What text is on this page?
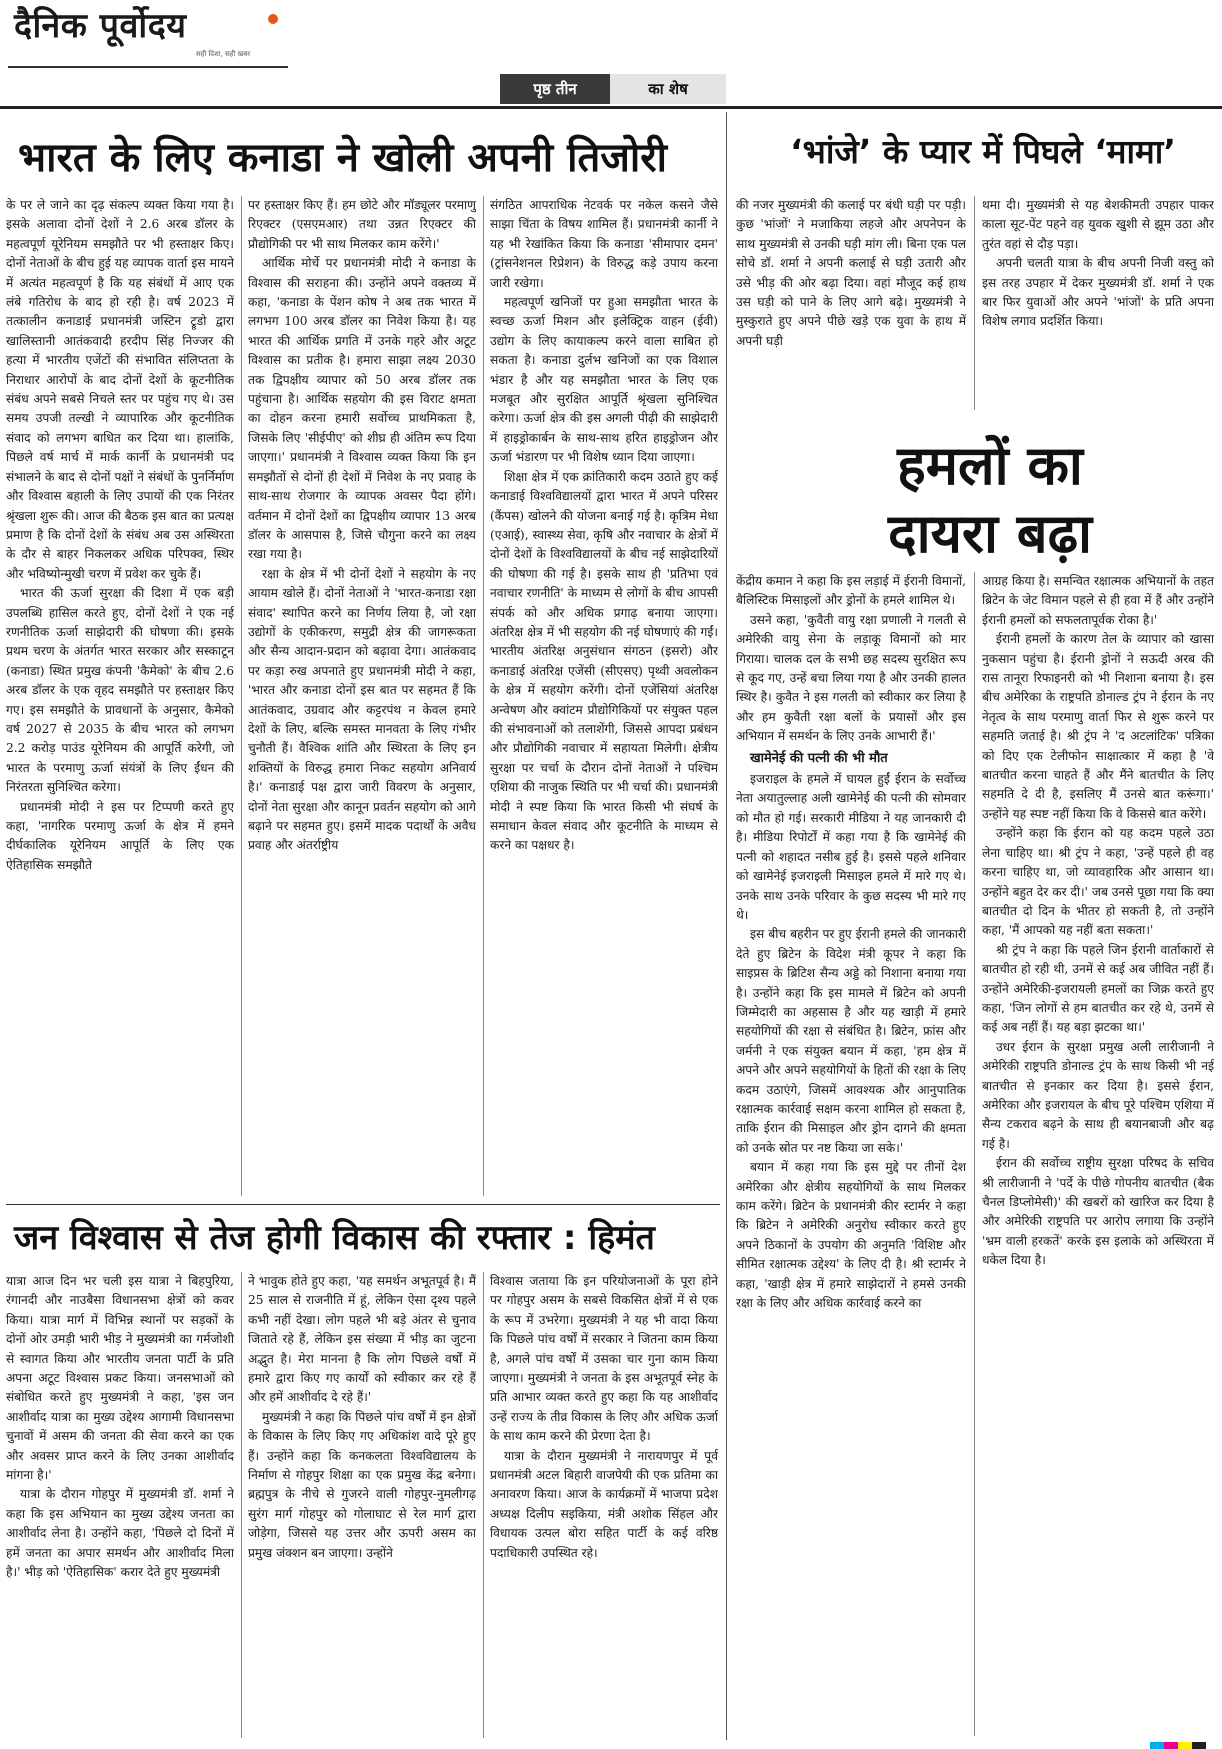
दैनिक पूर्वोदय
सही दिशा, सही खबर
पृष्ठ तीन	का शेष
भारत के लिए कनाडा ने खोली अपनी तिजोरी

के पर ले जाने का दृढ़ संकल्प व्यक्त किया गया है। इसके अलावा दोनों देशों ने 2.6 अरब डॉलर के महत्वपूर्ण यूरेनियम समझौते पर भी हस्ताक्षर किए। दोनों नेताओं के बीच हुई यह व्यापक वार्ता इस मायने में अत्यंत महत्वपूर्ण है कि यह संबंधों में आए एक लंबे गतिरोध के बाद हो रही है। वर्ष 2023 में तत्कालीन कनाडाई प्रधानमंत्री जस्टिन ट्रूडो द्वारा खालिस्तानी आतंकवादी हरदीप सिंह निज्जर की हत्या में भारतीय एजेंटों की संभावित संलिप्तता के निराधार आरोपों के बाद दोनों देशों के कूटनीतिक संबंध अपने सबसे निचले स्तर पर पहुंच गए थे। उस समय उपजी तल्खी ने व्यापारिक और कूटनीतिक संवाद को लगभग बाधित कर दिया था। हालांकि, पिछले वर्ष मार्च में मार्क कार्नी के प्रधानमंत्री पद संभालने के बाद से दोनों पक्षों ने संबंधों के पुनर्निर्माण और विश्वास बहाली के लिए उपायों की एक निरंतर श्रृंखला शुरू की। आज की बैठक इस बात का प्रत्यक्ष प्रमाण है कि दोनों देशों के संबंध अब उस अस्थिरता के दौर से बाहर निकलकर अधिक परिपक्व, स्थिर और भविष्योन्मुखी चरण में प्रवेश कर चुके हैं।

भारत की ऊर्जा सुरक्षा की दिशा में एक बड़ी उपलब्धि हासिल करते हुए, दोनों देशों ने एक नई रणनीतिक ऊर्जा साझेदारी की घोषणा की। इसके प्रथम चरण के अंतर्गत भारत सरकार और सस्काटून (कनाडा) स्थित प्रमुख कंपनी 'कैमेको' के बीच 2.6 अरब डॉलर के एक वृहद समझौते पर हस्ताक्षर किए गए। इस समझौते के प्रावधानों के अनुसार, कैमेको वर्ष 2027 से 2035 के बीच भारत को लगभग 2.2 करोड़ पाउंड यूरेनियम की आपूर्ति करेगी, जो भारत के परमाणु ऊर्जा संयंत्रों के लिए ईंधन की निरंतरता सुनिश्चित करेगा।

प्रधानमंत्री मोदी ने इस पर टिप्पणी करते हुए कहा, 'नागरिक परमाणु ऊर्जा के क्षेत्र में हमने दीर्घकालिक यूरेनियम आपूर्ति के लिए एक ऐतिहासिक समझौते

पर हस्ताक्षर किए हैं। हम छोटे और मॉड्यूलर परमाणु रिएक्टर (एसएमआर) तथा उन्नत रिएक्टर की प्रौद्योगिकी पर भी साथ मिलकर काम करेंगे।'

आर्थिक मोर्चे पर प्रधानमंत्री मोदी ने कनाडा के विश्वास की सराहना की। उन्होंने अपने वक्तव्य में कहा, 'कनाडा के पेंशन कोष ने अब तक भारत में लगभग 100 अरब डॉलर का निवेश किया है। यह भारत की आर्थिक प्रगति में उनके गहरे और अटूट विश्वास का प्रतीक है। हमारा साझा लक्ष्य 2030 तक द्विपक्षीय व्यापार को 50 अरब डॉलर तक पहुंचाना है। आर्थिक सहयोग की इस विराट क्षमता का दोहन करना हमारी सर्वोच्च प्राथमिकता है, जिसके लिए 'सीईपीए' को शीघ्र ही अंतिम रूप दिया जाएगा।' प्रधानमंत्री ने विश्वास व्यक्त किया कि इन समझौतों से दोनों ही देशों में निवेश के नए प्रवाह के साथ-साथ रोजगार के व्यापक अवसर पैदा होंगे। वर्तमान में दोनों देशों का द्विपक्षीय व्यापार 13 अरब डॉलर के आसपास है, जिसे चौगुना करने का लक्ष्य रखा गया है।

रक्षा के क्षेत्र में भी दोनों देशों ने सहयोग के नए आयाम खोले हैं। दोनों नेताओं ने 'भारत-कनाडा रक्षा संवाद' स्थापित करने का निर्णय लिया है, जो रक्षा उद्योगों के एकीकरण, समुद्री क्षेत्र की जागरूकता और सैन्य आदान-प्रदान को बढ़ावा देगा। आतंकवाद पर कड़ा रुख अपनाते हुए प्रधानमंत्री मोदी ने कहा, 'भारत और कनाडा दोनों इस बात पर सहमत हैं कि आतंकवाद, उग्रवाद और कट्टरपंथ न केवल हमारे देशों के लिए, बल्कि समस्त मानवता के लिए गंभीर चुनौती हैं। वैश्विक शांति और स्थिरता के लिए इन शक्तियों के विरुद्ध हमारा निकट सहयोग अनिवार्य है।' कनाडाई पक्ष द्वारा जारी विवरण के अनुसार, दोनों नेता सुरक्षा और कानून प्रवर्तन सहयोग को आगे बढ़ाने पर सहमत हुए। इसमें मादक पदार्थों के अवैध प्रवाह और अंतर्राष्ट्रीय

संगठित आपराधिक नेटवर्क पर नकेल कसने जैसे साझा चिंता के विषय शामिल हैं। प्रधानमंत्री कार्नी ने यह भी रेखांकित किया कि कनाडा 'सीमापार दमन' (ट्रांसनेशनल रिप्रेशन) के विरुद्ध कड़े उपाय करना जारी रखेगा।

महत्वपूर्ण खनिजों पर हुआ समझौता भारत के स्वच्छ ऊर्जा मिशन और इलेक्ट्रिक वाहन (ईवी) उद्योग के लिए कायाकल्प करने वाला साबित हो सकता है। कनाडा दुर्लभ खनिजों का एक विशाल भंडार है और यह समझौता भारत के लिए एक मजबूत और सुरक्षित आपूर्ति श्रृंखला सुनिश्चित करेगा। ऊर्जा क्षेत्र की इस अगली पीढ़ी की साझेदारी में हाइड्रोकार्बन के साथ-साथ हरित हाइड्रोजन और ऊर्जा भंडारण पर भी विशेष ध्यान दिया जाएगा।

शिक्षा क्षेत्र में एक क्रांतिकारी कदम उठाते हुए कई कनाडाई विश्वविद्यालयों द्वारा भारत में अपने परिसर (कैंपस) खोलने की योजना बनाई गई है। कृत्रिम मेधा (एआई), स्वास्थ्य सेवा, कृषि और नवाचार के क्षेत्रों में दोनों देशों के विश्वविद्यालयों के बीच नई साझेदारियों की घोषणा की गई है। इसके साथ ही 'प्रतिभा एवं नवाचार रणनीति' के माध्यम से लोगों के बीच आपसी संपर्क को और अधिक प्रगाढ़ बनाया जाएगा। अंतरिक्ष क्षेत्र में भी सहयोग की नई घोषणाएं की गईं। भारतीय अंतरिक्ष अनुसंधान संगठन (इसरो) और कनाडाई अंतरिक्ष एजेंसी (सीएसए) पृथ्वी अवलोकन के क्षेत्र में सहयोग करेंगी। दोनों एजेंसियां अंतरिक्ष अन्वेषण और क्वांटम प्रौद्योगिकियों पर संयुक्त पहल की संभावनाओं को तलाशेंगी, जिससे आपदा प्रबंधन और प्रौद्योगिकी नवाचार में सहायता मिलेगी। क्षेत्रीय सुरक्षा पर चर्चा के दौरान दोनों नेताओं ने पश्चिम एशिया की नाजुक स्थिति पर भी चर्चा की। प्रधानमंत्री मोदी ने स्पष्ट किया कि भारत किसी भी संघर्ष के समाधान केवल संवाद और कूटनीति के माध्यम से करने का पक्षधर है।

‘भांजे’ के प्यार में पिघले ‘मामा’

की नजर मुख्यमंत्री की कलाई पर बंधी घड़ी पर पड़ी। कुछ 'भांजों' ने मजाकिया लहजे और अपनेपन के साथ मुख्यमंत्री से उनकी घड़ी मांग ली। बिना एक पल सोचे डॉ. शर्मा ने अपनी कलाई से घड़ी उतारी और उसे भीड़ की ओर बढ़ा दिया। वहां मौजूद कई हाथ उस घड़ी को पाने के लिए आगे बढ़े। मुख्यमंत्री ने मुस्कुराते हुए अपने पीछे खड़े एक युवा के हाथ में अपनी घड़ी

थमा दी। मुख्यमंत्री से यह बेशकीमती उपहार पाकर काला सूट-पेंट पहने वह युवक खुशी से झूम उठा और तुरंत वहां से दौड़ पड़ा।

अपनी चलती यात्रा के बीच अपनी निजी वस्तु को इस तरह उपहार में देकर मुख्यमंत्री डॉ. शर्मा ने एक बार फिर युवाओं और अपने 'भांजों' के प्रति अपना विशेष लगाव प्रदर्शित किया।

हमलों का
दायरा बढ़ा

केंद्रीय कमान ने कहा कि इस लड़ाई में ईरानी विमानों, बैलिस्टिक मिसाइलों और ड्रोनों के हमले शामिल थे।

उसने कहा, 'कुवैती वायु रक्षा प्रणाली ने गलती से अमेरिकी वायु सेना के लड़ाकू विमानों को मार गिराया। चालक दल के सभी छह सदस्य सुरक्षित रूप से कूद गए, उन्हें बचा लिया गया है और उनकी हालत स्थिर है। कुवैत ने इस गलती को स्वीकार कर लिया है और हम कुवैती रक्षा बलों के प्रयासों और इस अभियान में समर्थन के लिए उनके आभारी हैं।'

खामेनेई की पत्नी की भी मौत

इजराइल के हमले में घायल हुईं ईरान के सर्वोच्च नेता अयातुल्लाह अली खामेनेई की पत्नी की सोमवार को मौत हो गई। सरकारी मीडिया ने यह जानकारी दी है। मीडिया रिपोर्टों में कहा गया है कि खामेनेई की पत्नी को शहादत नसीब हुई है। इससे पहले शनिवार को खामेनेई इजराइली मिसाइल हमले में मारे गए थे। उनके साथ उनके परिवार के कुछ सदस्य भी मारे गए थे।

इस बीच बहरीन पर हुए ईरानी हमले की जानकारी देते हुए ब्रिटेन के विदेश मंत्री कूपर ने कहा कि साइप्रस के ब्रिटिश सैन्य अड्डे को निशाना बनाया गया है। उन्होंने कहा कि इस मामले में ब्रिटेन को अपनी जिम्मेदारी का अहसास है और यह खाड़ी में हमारे सहयोगियों की रक्षा से संबंधित है। ब्रिटेन, फ्रांस और जर्मनी ने एक संयुक्त बयान में कहा, 'हम क्षेत्र में अपने और अपने सहयोगियों के हितों की रक्षा के लिए कदम उठाएंगे, जिसमें आवश्यक और आनुपातिक रक्षात्मक कार्रवाई सक्षम करना शामिल हो सकता है, ताकि ईरान की मिसाइल और ड्रोन दागने की क्षमता को उनके स्रोत पर नष्ट किया जा सके।'

बयान में कहा गया कि इस मुद्दे पर तीनों देश अमेरिका और क्षेत्रीय सहयोगियों के साथ मिलकर काम करेंगे। ब्रिटेन के प्रधानमंत्री कीर स्टार्मर ने कहा कि ब्रिटेन ने अमेरिकी अनुरोध स्वीकार करते हुए अपने ठिकानों के उपयोग की अनुमति 'विशिष्ट और सीमित रक्षात्मक उद्देश्य' के लिए दी है। श्री स्टार्मर ने कहा, 'खाड़ी क्षेत्र में हमारे साझेदारों ने हमसे उनकी रक्षा के लिए और अधिक कार्रवाई करने का

आग्रह किया है। समन्वित रक्षात्मक अभियानों के तहत ब्रिटेन के जेट विमान पहले से ही हवा में हैं और उन्होंने ईरानी हमलों को सफलतापूर्वक रोका है।'

ईरानी हमलों के कारण तेल के व्यापार को खासा नुकसान पहुंचा है। ईरानी ड्रोनों ने सऊदी अरब की रास तानूरा रिफाइनरी को भी निशाना बनाया है। इस बीच अमेरिका के राष्ट्रपति डोनाल्ड ट्रंप ने ईरान के नए नेतृत्व के साथ परमाणु वार्ता फिर से शुरू करने पर सहमति जताई है। श्री ट्रंप ने 'द अटलांटिक' पत्रिका को दिए एक टेलीफोन साक्षात्कार में कहा है 'वे बातचीत करना चाहते हैं और मैंने बातचीत के लिए सहमति दे दी है, इसलिए मैं उनसे बात करूंगा।' उन्होंने यह स्पष्ट नहीं किया कि वे किससे बात करेंगे।

उन्होंने कहा कि ईरान को यह कदम पहले उठा लेना चाहिए था। श्री ट्रंप ने कहा, 'उन्हें पहले ही वह करना चाहिए था, जो व्यावहारिक और आसान था। उन्होंने बहुत देर कर दी।' जब उनसे पूछा गया कि क्या बातचीत दो दिन के भीतर हो सकती है, तो उन्होंने कहा, 'मैं आपको यह नहीं बता सकता।'

श्री ट्रंप ने कहा कि पहले जिन ईरानी वार्ताकारों से बातचीत हो रही थी, उनमें से कई अब जीवित नहीं हैं। उन्होंने अमेरिकी-इजरायली हमलों का जिक्र करते हुए कहा, 'जिन लोगों से हम बातचीत कर रहे थे, उनमें से कई अब नहीं हैं। यह बड़ा झटका था।'

उधर ईरान के सुरक्षा प्रमुख अली लारीजानी ने अमेरिकी राष्ट्रपति डोनाल्ड ट्रंप के साथ किसी भी नई बातचीत से इनकार कर दिया है। इससे ईरान, अमेरिका और इजरायल के बीच पूरे पश्चिम एशिया में सैन्य टकराव बढ़ने के साथ ही बयानबाजी और बढ़ गई है।

ईरान की सर्वोच्च राष्ट्रीय सुरक्षा परिषद के सचिव श्री लारीजानी ने 'पर्दे के पीछे गोपनीय बातचीत (बैक चैनल डिप्लोमेसी)' की खबरों को खारिज कर दिया है और अमेरिकी राष्ट्रपति पर आरोप लगाया कि उन्होंने 'भ्रम वाली हरकतें' करके इस इलाके को अस्थिरता में धकेल दिया है।

जन विश्वास से तेज होगी विकास की रफ्तार : हिमंत

यात्रा आज दिन भर चली इस यात्रा ने बिहपुरिया, रंगानदी और नाउबैसा विधानसभा क्षेत्रों को कवर किया। यात्रा मार्ग में विभिन्न स्थानों पर सड़कों के दोनों ओर उमड़ी भारी भीड़ ने मुख्यमंत्री का गर्मजोशी से स्वागत किया और भारतीय जनता पार्टी के प्रति अपना अटूट विश्वास प्रकट किया। जनसभाओं को संबोधित करते हुए मुख्यमंत्री ने कहा, 'इस जन आशीर्वाद यात्रा का मुख्य उद्देश्य आगामी विधानसभा चुनावों में असम की जनता की सेवा करने का एक और अवसर प्राप्त करने के लिए उनका आशीर्वाद मांगना है।'

यात्रा के दौरान गोहपुर में मुख्यमंत्री डॉ. शर्मा ने कहा कि इस अभियान का मुख्य उद्देश्य जनता का आशीर्वाद लेना है। उन्होंने कहा, 'पिछले दो दिनों में हमें जनता का अपार समर्थन और आशीर्वाद मिला है।' भीड़ को 'ऐतिहासिक' करार देते हुए मुख्यमंत्री

ने भावुक होते हुए कहा, 'यह समर्थन अभूतपूर्व है। मैं 25 साल से राजनीति में हूं, लेकिन ऐसा दृश्य पहले कभी नहीं देखा। लोग पहले भी बड़े अंतर से चुनाव जिताते रहे हैं, लेकिन इस संख्या में भीड़ का जुटना अद्भुत है। मेरा मानना है कि लोग पिछले वर्षों में हमारे द्वारा किए गए कार्यों को स्वीकार कर रहे हैं और हमें आशीर्वाद दे रहे हैं।'

मुख्यमंत्री ने कहा कि पिछले पांच वर्षों में इन क्षेत्रों के विकास के लिए किए गए अधिकांश वादे पूरे हुए हैं। उन्होंने कहा कि कनकलता विश्वविद्यालय के निर्माण से गोहपुर शिक्षा का एक प्रमुख केंद्र बनेगा। ब्रह्मपुत्र के नीचे से गुजरने वाली गोहपुर-नुमलीगढ़ सुरंग मार्ग गोहपुर को गोलाघाट से रेल मार्ग द्वारा जोड़ेगा, जिससे यह उत्तर और ऊपरी असम का प्रमुख जंक्शन बन जाएगा। उन्होंने

विश्वास जताया कि इन परियोजनाओं के पूरा होने पर गोहपुर असम के सबसे विकसित क्षेत्रों में से एक के रूप में उभरेगा। मुख्यमंत्री ने यह भी वादा किया कि पिछले पांच वर्षों में सरकार ने जितना काम किया है, अगले पांच वर्षों में उसका चार गुना काम किया जाएगा। मुख्यमंत्री ने जनता के इस अभूतपूर्व स्नेह के प्रति आभार व्यक्त करते हुए कहा कि यह आशीर्वाद उन्हें राज्य के तीव्र विकास के लिए और अधिक ऊर्जा के साथ काम करने की प्रेरणा देता है।

यात्रा के दौरान मुख्यमंत्री ने नारायणपुर में पूर्व प्रधानमंत्री अटल बिहारी वाजपेयी की एक प्रतिमा का अनावरण किया। आज के कार्यक्रमों में भाजपा प्रदेश अध्यक्ष दिलीप सइकिया, मंत्री अशोक सिंहल और विधायक उत्पल बोरा सहित पार्टी के कई वरिष्ठ पदाधिकारी उपस्थित रहे।
